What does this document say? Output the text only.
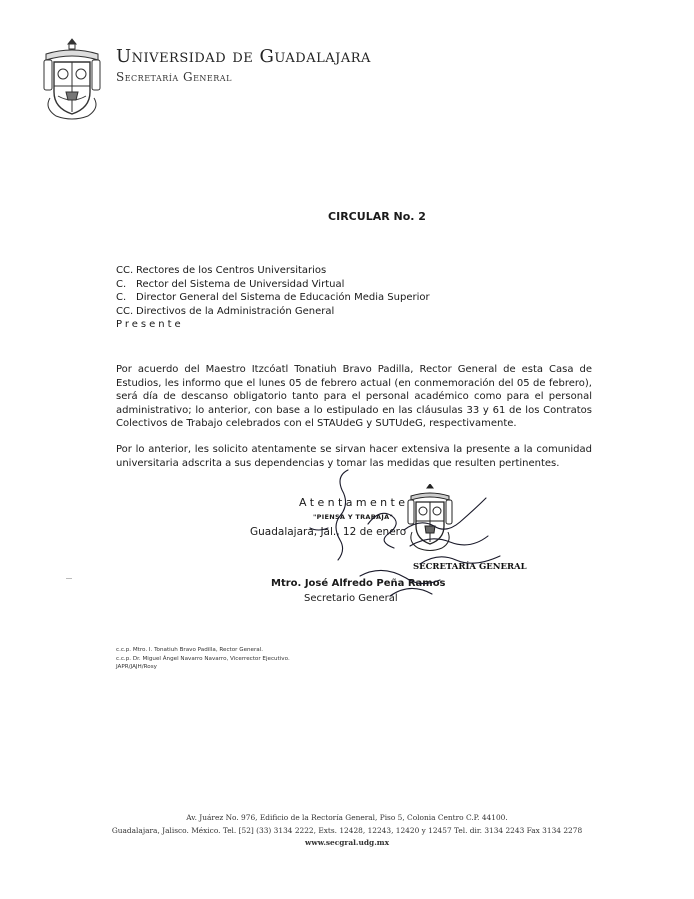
Universidad de Guadalajara
Secretaría General
CIRCULAR No. 2
CC. Rectores de los Centros Universitarios
C. Rector del Sistema de Universidad Virtual
C. Director General del Sistema de Educación Media Superior
CC. Directivos de la Administración General
Presente
Por acuerdo del Maestro Itzcóatl Tonatiuh Bravo Padilla, Rector General de esta Casa de Estudios, les informo que el lunes 05 de febrero actual (en conmemoración del 05 de febrero), será día de descanso obligatorio tanto para el personal académico como para el personal administrativo; lo anterior, con base a lo estipulado en las cláusulas 33 y 61 de los Contratos Colectivos de Trabajo celebrados con el STAUdeG y SUTUdeG, respectivamente.
Por lo anterior, les solicito atentamente se sirvan hacer extensiva la presente a la comunidad universitaria adscrita a sus dependencias y tomar las medidas que resulten pertinentes.
SECRETARÍA GENERAL
Atentamente
"PIENSA Y TRABAJA"
Guadalajara, Jal., 12 de enero
Mtro. José Alfredo Peña Ramos
Secretario General
c.c.p. Mtro. I. Tonatiuh Bravo Padilla, Rector General.
c.c.p. Dr. Miguel Ángel Navarro Navarro, Vicerrector Ejecutivo.
JAPR/JAJH/Rosy
Av. Juárez No. 976, Edificio de la Rectoría General, Piso 5, Colonia Centro C.P. 44100.
Guadalajara, Jalisco. México. Tel. [52] (33) 3134 2222, Exts. 12428, 12243, 12420 y 12457 Tel. dir. 3134 2243 Fax 3134 2278
www.secgral.udg.mx
